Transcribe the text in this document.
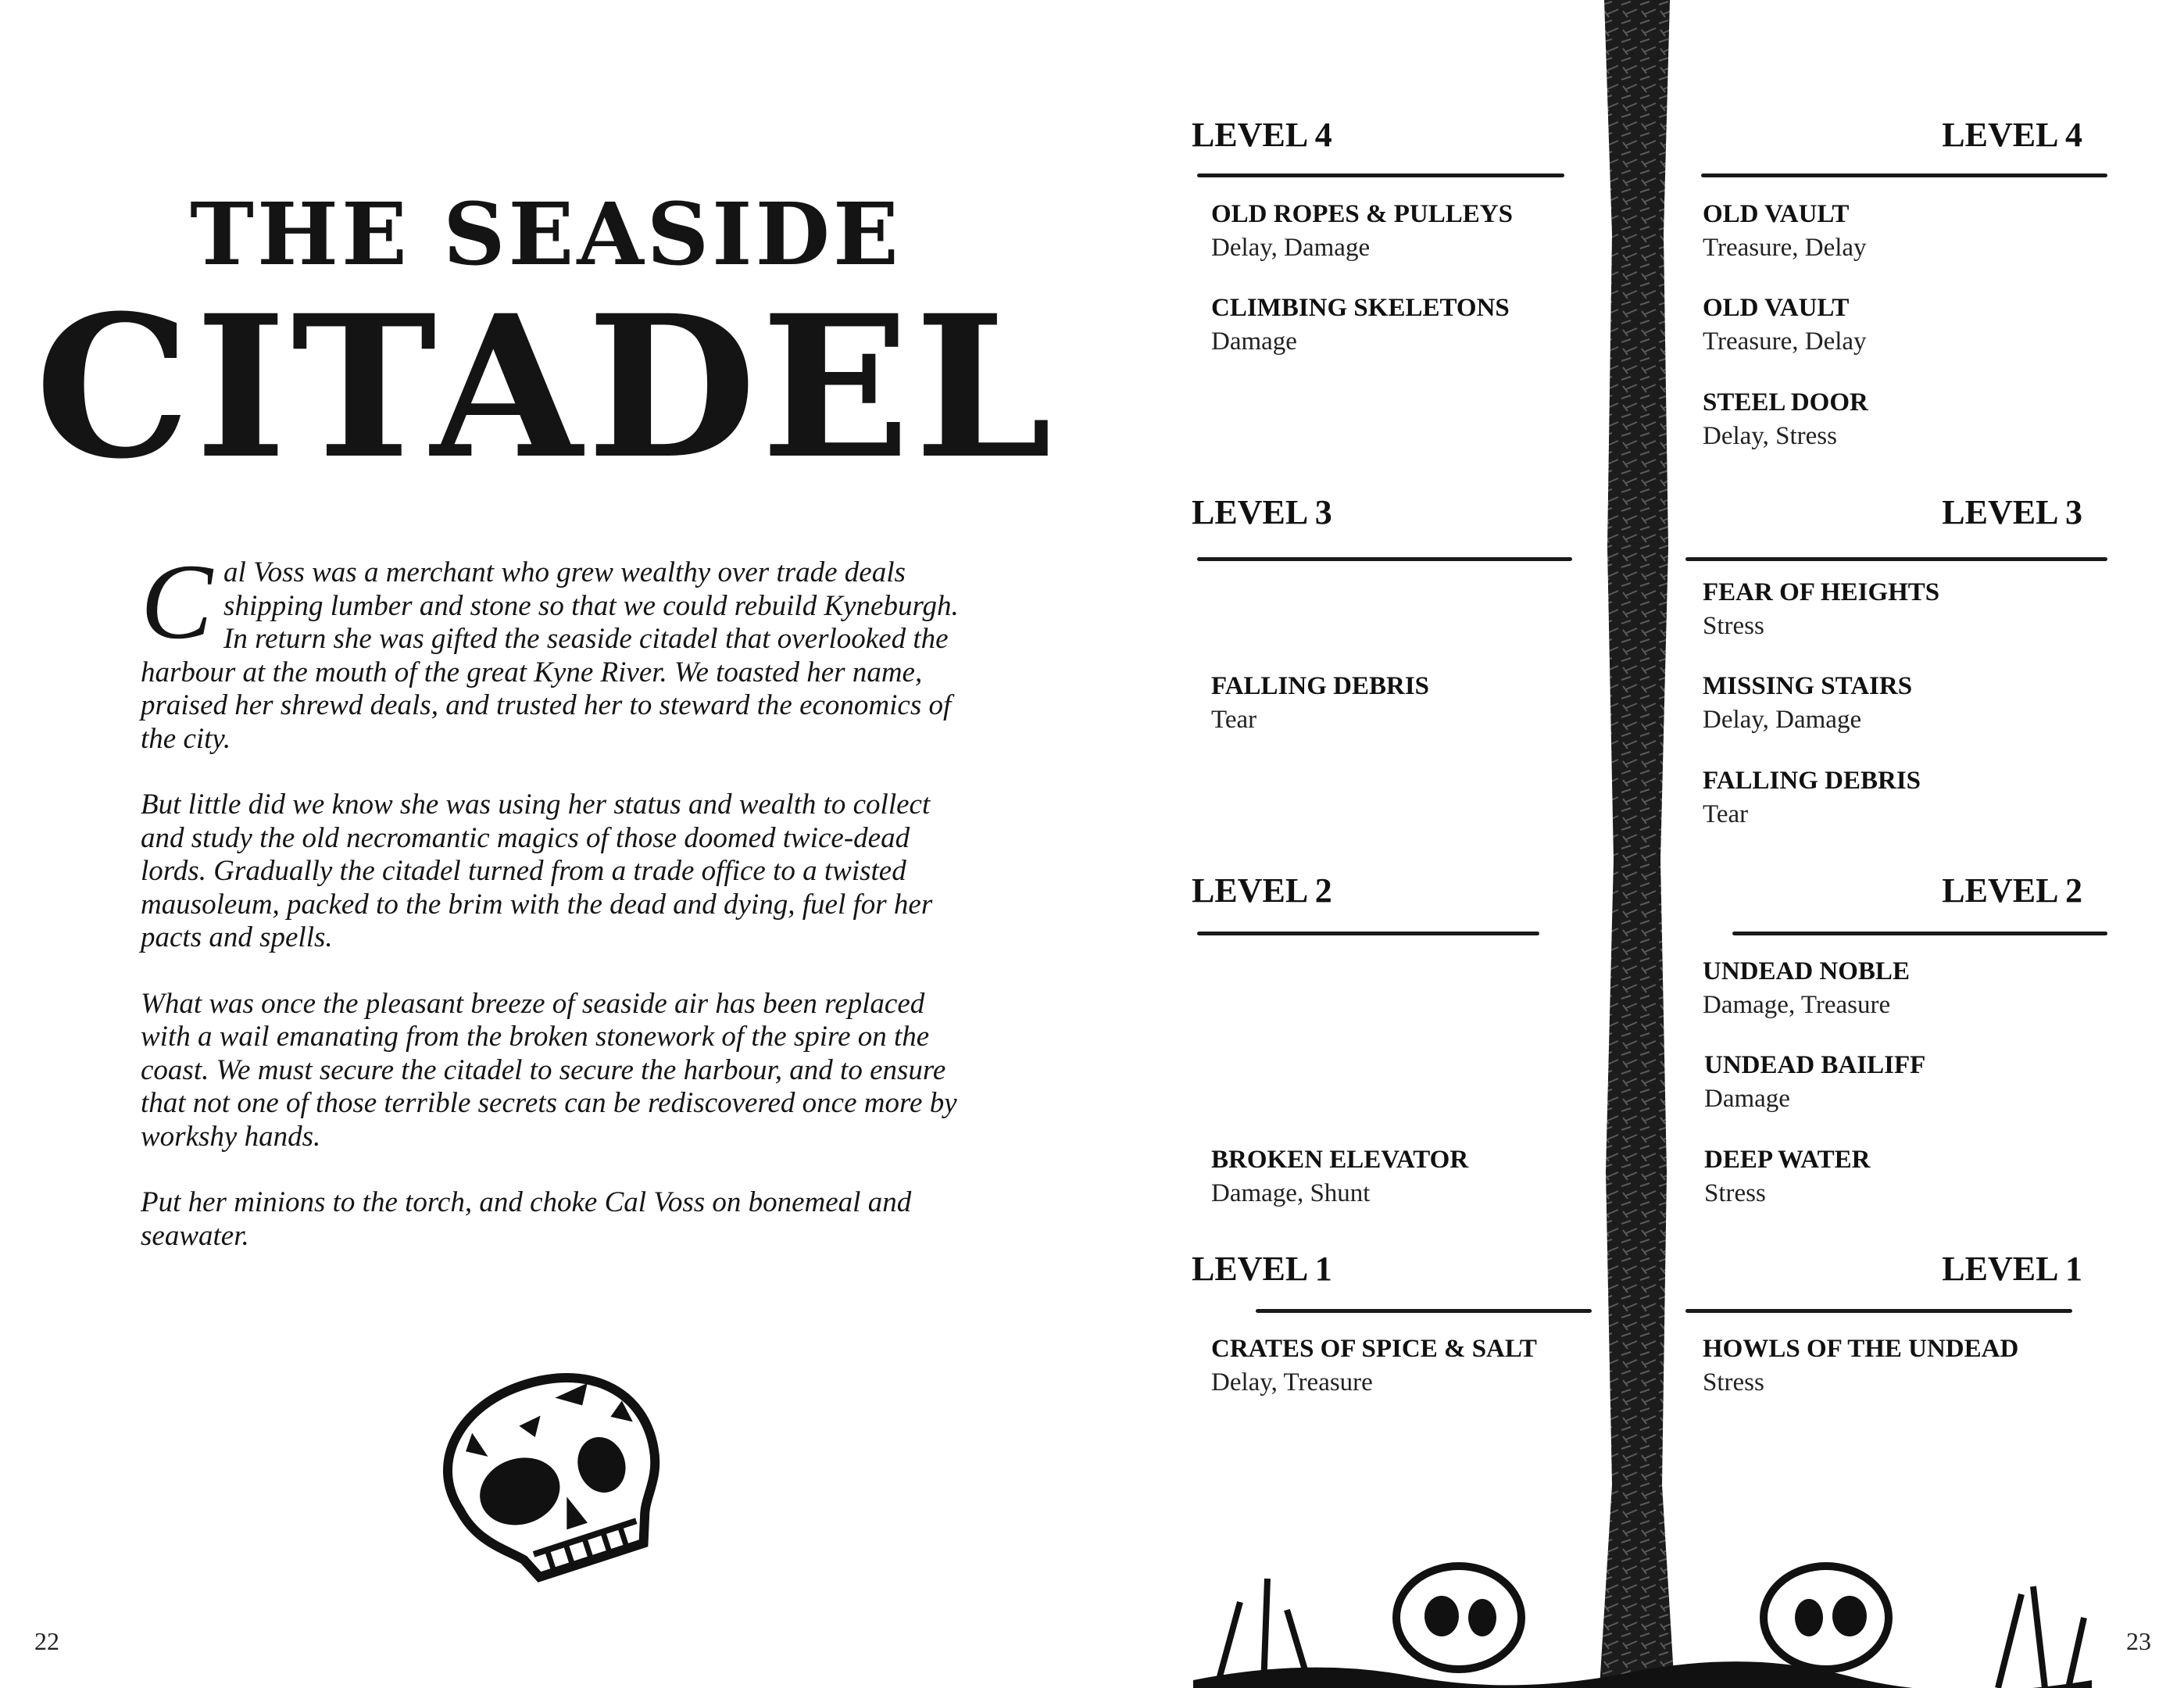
THE SEASIDE
CITADEL

Cal Voss was a merchant who grew wealthy over trade deals shipping lumber and stone so that we could rebuild Kyneburgh. In return she was gifted the seaside citadel that overlooked the harbour at the mouth of the great Kyne River. We toasted her name, praised her shrewd deals, and trusted her to steward the economics of the city.

But little did we know she was using her status and wealth to collect and study the old necromantic magics of those doomed twice-dead lords. Gradually the citadel turned from a trade office to a twisted mausoleum, packed to the brim with the dead and dying, fuel for her pacts and spells.

What was once the pleasant breeze of seaside air has been replaced with a wail emanating from the broken stonework of the spire on the coast. We must secure the citadel to secure the harbour, and to ensure that not one of those terrible secrets can be rediscovered once more by workshy hands.

Put her minions to the torch, and choke Cal Voss on bonemeal and seawater.

22
LEVEL 4	LEVEL 4
OLD ROPES & PULLEYS
Delay, Damage
CLIMBING SKELETONS
Damage
OLD VAULT
Treasure, Delay
OLD VAULT
Treasure, Delay
STEEL DOOR
Delay, Stress
LEVEL 3	LEVEL 3
FALLING DEBRIS
Tear
FEAR OF HEIGHTS
Stress
MISSING STAIRS
Delay, Damage
FALLING DEBRIS
Tear
LEVEL 2	LEVEL 2
BROKEN ELEVATOR
Damage, Shunt
UNDEAD NOBLE
Damage, Treasure
UNDEAD BAILIFF
Damage
DEEP WATER
Stress
LEVEL 1	LEVEL 1
CRATES OF SPICE & SALT
Delay, Treasure
HOWLS OF THE UNDEAD
Stress
23
